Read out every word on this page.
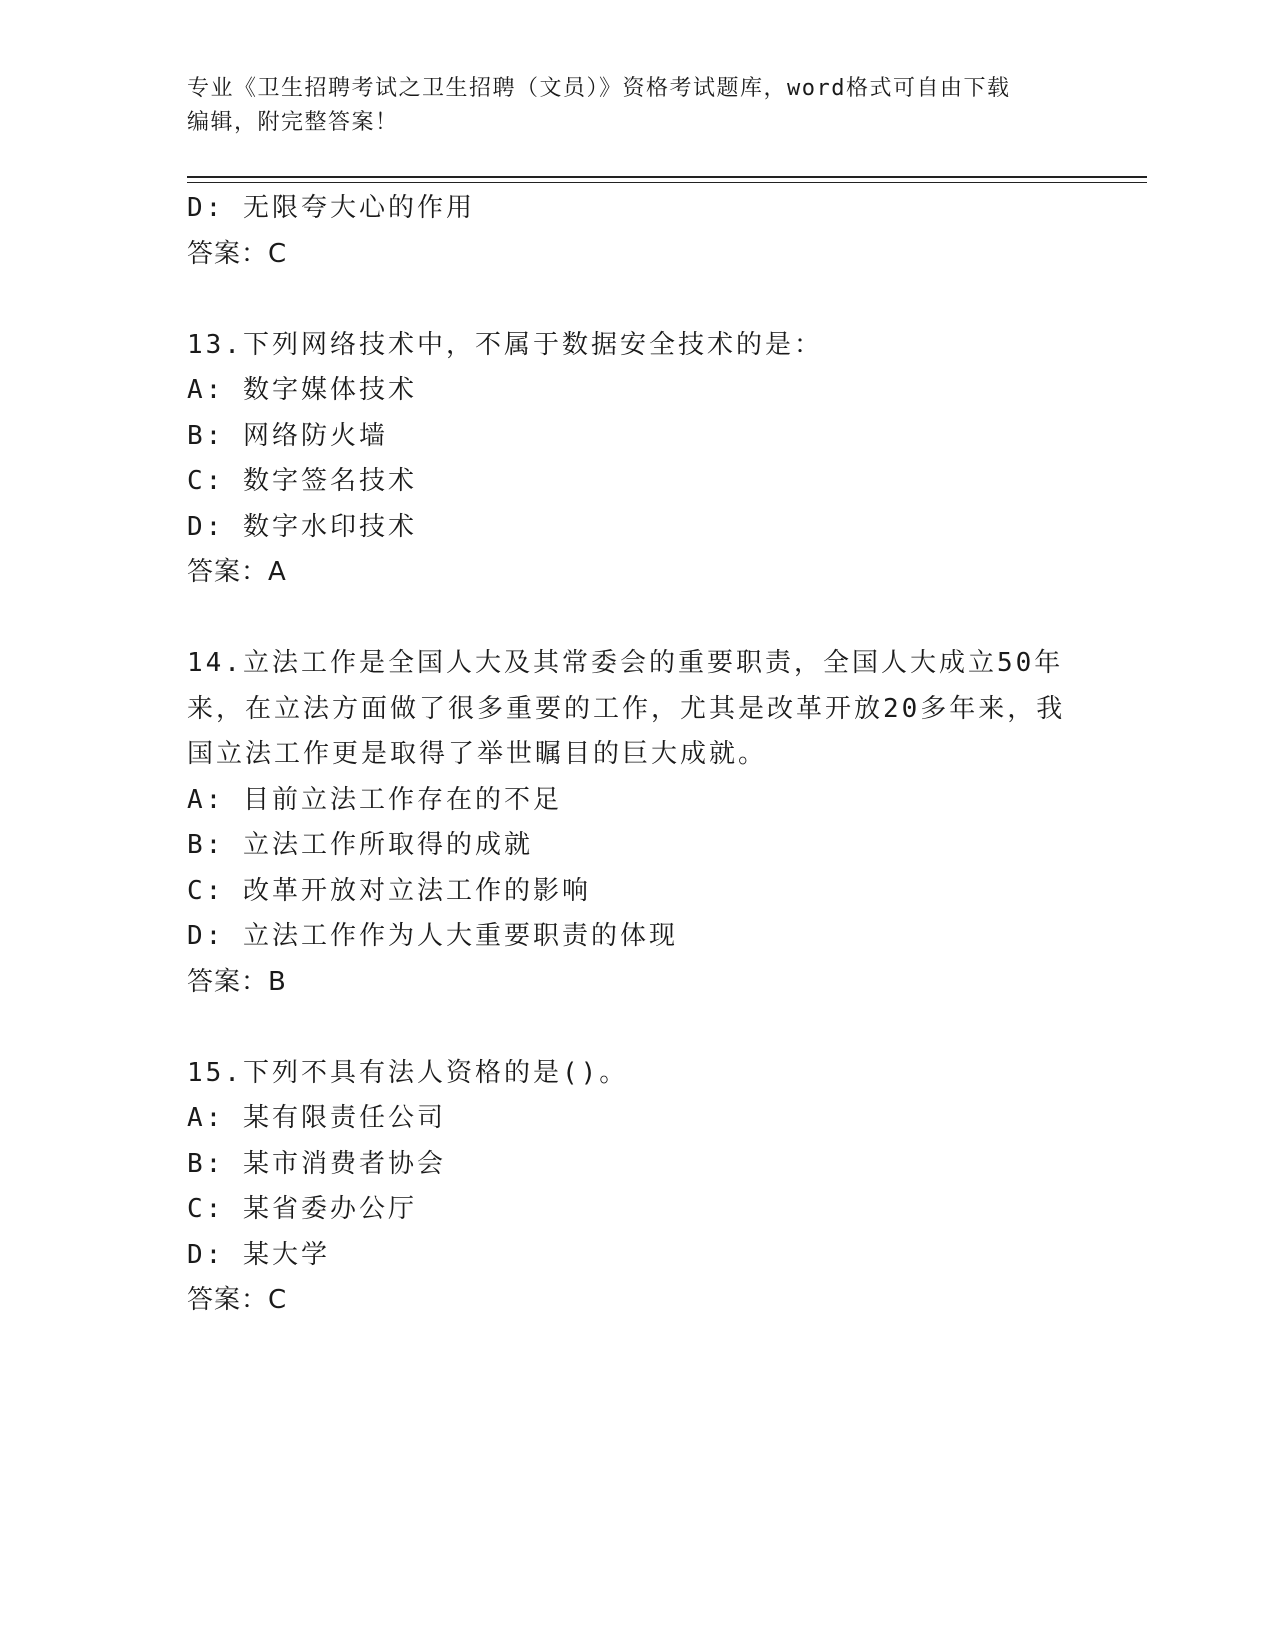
专业《卫生招聘考试之卫生招聘（文员）》资格考试题库，word格式可自由下载
编辑，附完整答案！
D: 无限夸大心的作用
答案：C
13.下列网络技术中，不属于数据安全技术的是：
A: 数字媒体技术
B: 网络防火墙
C: 数字签名技术
D: 数字水印技术
答案：A
14.立法工作是全国人大及其常委会的重要职责，全国人大成立50年
来，在立法方面做了很多重要的工作，尤其是改革开放20多年来，我
国立法工作更是取得了举世瞩目的巨大成就。
A: 目前立法工作存在的不足
B: 立法工作所取得的成就
C: 改革开放对立法工作的影响
D: 立法工作作为人大重要职责的体现
答案：B
15.下列不具有法人资格的是()。
A: 某有限责任公司
B: 某市消费者协会
C: 某省委办公厅
D: 某大学
答案：C
